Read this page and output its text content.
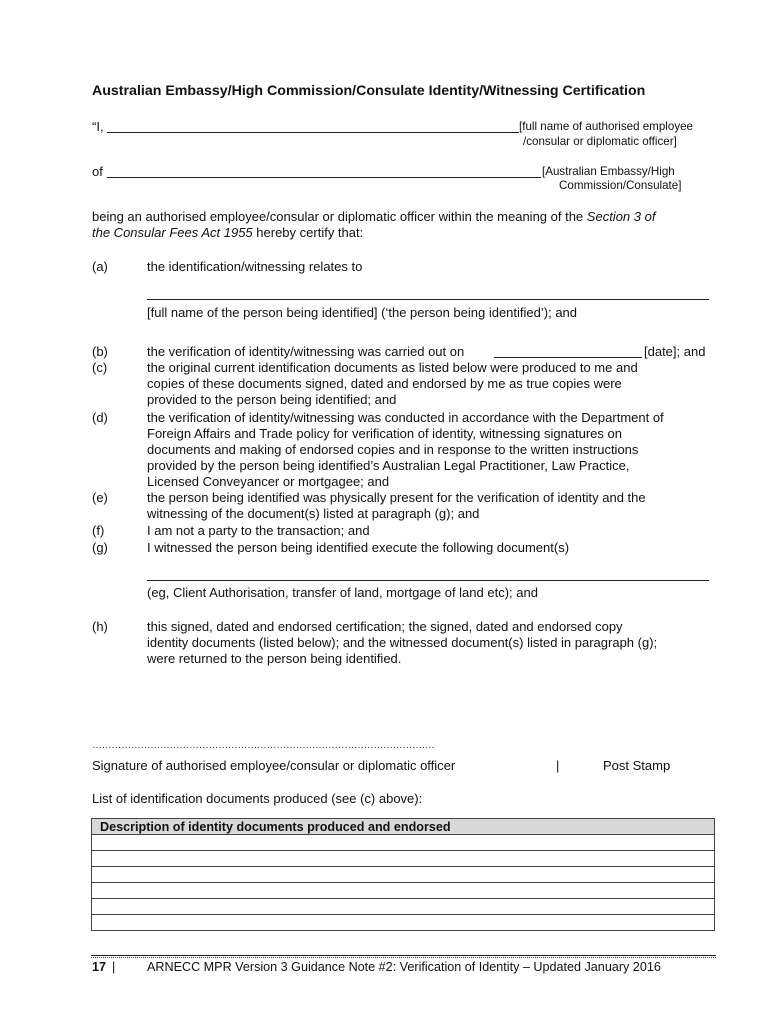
Australian Embassy/High Commission/Consulate Identity/Witnessing Certification
“I,	[full name of authorised employee
/consular or diplomatic officer]
of	[Australian Embassy/High
Commission/Consulate]
being an authorised employee/consular or diplomatic officer within the meaning of the Section 3 of
the Consular Fees Act 1955 hereby certify that:
(a)	the identification/witnessing relates to
[full name of the person being identified] (‘the person being identified’); and
(b)	the verification of identity/witnessing was carried out on	[date]; and
(c)	the original current identification documents as listed below were produced to me and
copies of these documents signed, dated and endorsed by me as true copies were
provided to the person being identified; and
(d)	the verification of identity/witnessing was conducted in accordance with the Department of
Foreign Affairs and Trade policy for verification of identity, witnessing signatures on
documents and making of endorsed copies and in response to the written instructions
provided by the person being identified’s Australian Legal Practitioner, Law Practice,
Licensed Conveyancer or mortgagee; and
(e)	the person being identified was physically present for the verification of identity and the
witnessing of the document(s) listed at paragraph (g); and
(f)	I am not a party to the transaction; and
(g)	I witnessed the person being identified execute the following document(s)
(eg, Client Authorisation, transfer of land, mortgage of land etc); and
(h)	this signed, dated and endorsed certification; the signed, dated and endorsed copy
identity documents (listed below); and the witnessed document(s) listed in paragraph (g);
were returned to the person being identified.
…………………………………………………………………………………………….
Signature of authorised employee/consular or diplomatic officer	|	Post Stamp
List of identification documents produced (see (c) above):
Description of identity documents produced and endorsed

17 |	ARNECC MPR Version 3 Guidance Note #2: Verification of Identity – Updated January 2016
